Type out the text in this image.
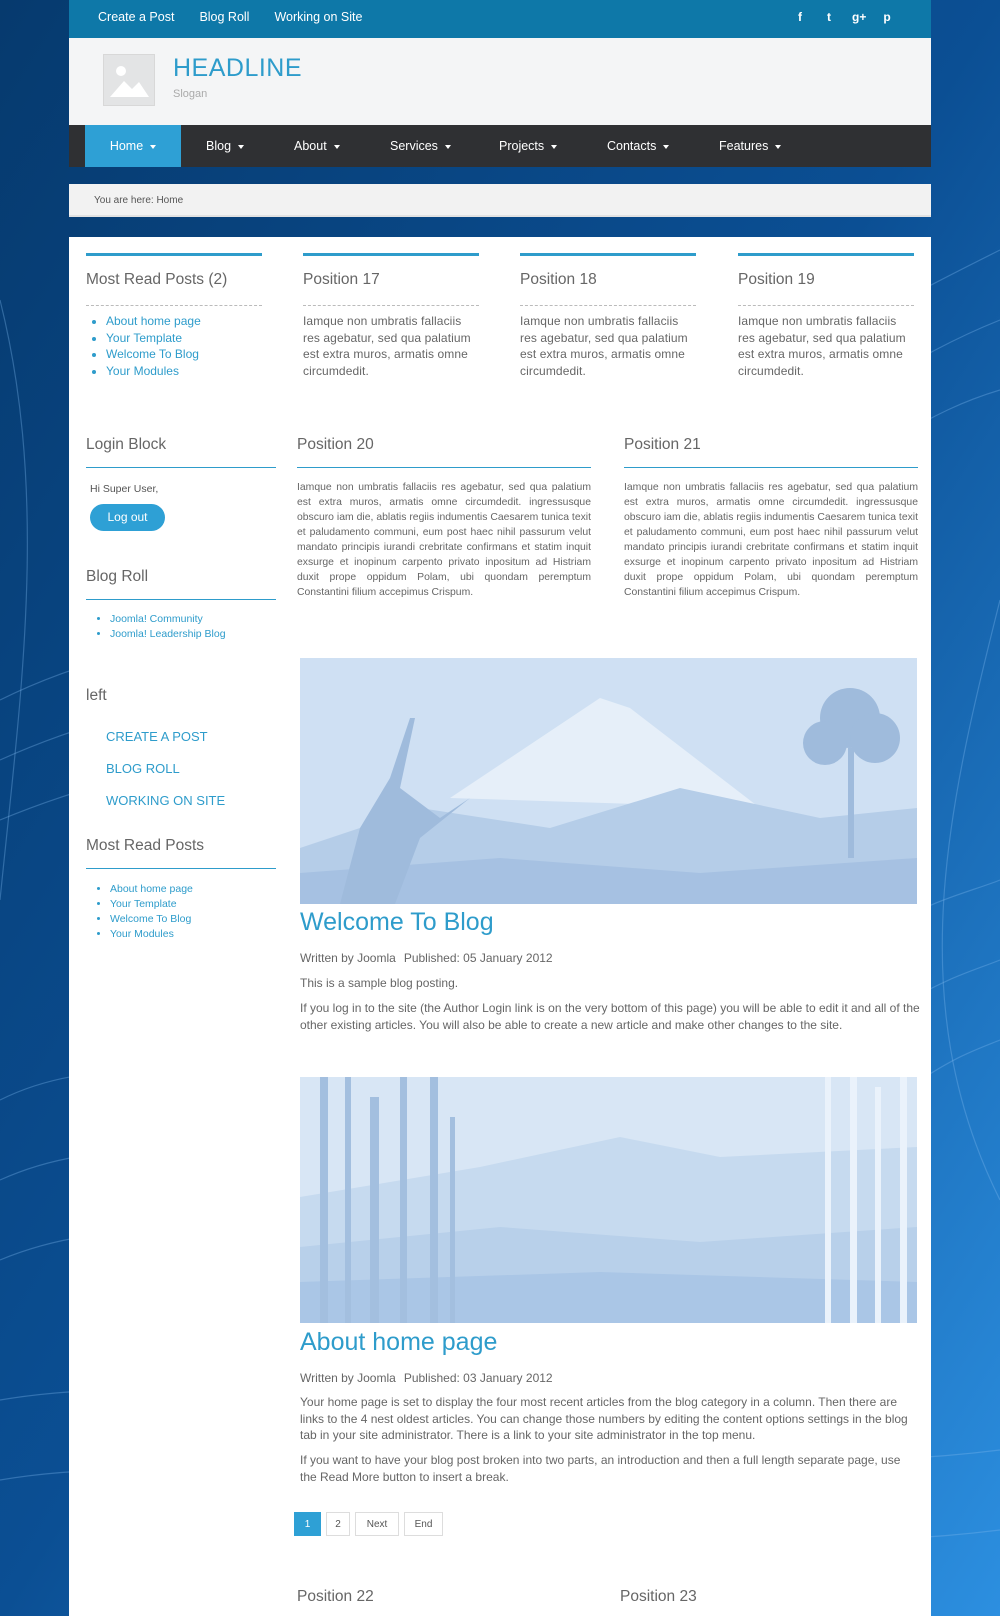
Create a Post Blog Roll Working on Site	f	t	g+ p
HEADLINE
Slogan
Home	Blog	About	Services	Projects	Contacts	Features
You are here: Home
Most Read Posts (2)
• About home page
• Your Template
• Welcome To Blog
• Your Modules
Position 17

Iamque non umbratis fallaciis res agebatur, sed qua palatium est extra muros, armatis omne circumdedit.

Position 18

Iamque non umbratis fallaciis res agebatur, sed qua palatium est extra muros, armatis omne circumdedit.

Position 19

Iamque non umbratis fallaciis res agebatur, sed qua palatium est extra muros, armatis omne circumdedit.

Login Block
Hi Super User,
Log out
Blog Roll
• Joomla! Community
• Joomla! Leadership Blog
left
CREATE A POST
BLOG ROLL
WORKING ON SITE
Most Read Posts
• About home page
• Your Template
• Welcome To Blog
• Your Modules
Position 20

Iamque non umbratis fallaciis res agebatur, sed qua palatium est extra muros, armatis omne circumdedit. ingressusque obscuro iam die, ablatis regiis indumentis Caesarem tunica texit et paludamento communi, eum post haec nihil passurum velut mandato principis iurandi crebritate confirmans et statim inquit exsurge et inopinum carpento privato inpositum ad Histriam duxit prope oppidum Polam, ubi quondam peremptum Constantini filium accepimus Crispum.

Position 21

Iamque non umbratis fallaciis res agebatur, sed qua palatium est extra muros, armatis omne circumdedit. ingressusque obscuro iam die, ablatis regiis indumentis Caesarem tunica texit et paludamento communi, eum post haec nihil passurum velut mandato principis iurandi crebritate confirmans et statim inquit exsurge et inopinum carpento privato inpositum ad Histriam duxit prope oppidum Polam, ubi quondam peremptum Constantini filium accepimus Crispum.

Welcome To Blog
Written by Joomla Published: 05 January 2012

This is a sample blog posting.

If you log in to the site (the Author Login link is on the very bottom of this page) you will be able to edit it and all of the other existing articles. You will also be able to create a new article and make other changes to the site.

About home page
Written by Joomla Published: 03 January 2012

Your home page is set to display the four most recent articles from the blog category in a column. Then there are links to the 4 nest oldest articles. You can change those numbers by editing the content options settings in the blog tab in your site administrator. There is a link to your site administrator in the top menu.

If you want to have your blog post broken into two parts, an introduction and then a full length separate page, use the Read More button to insert a break.

1	2	Next	End
Position 22	Position 23
